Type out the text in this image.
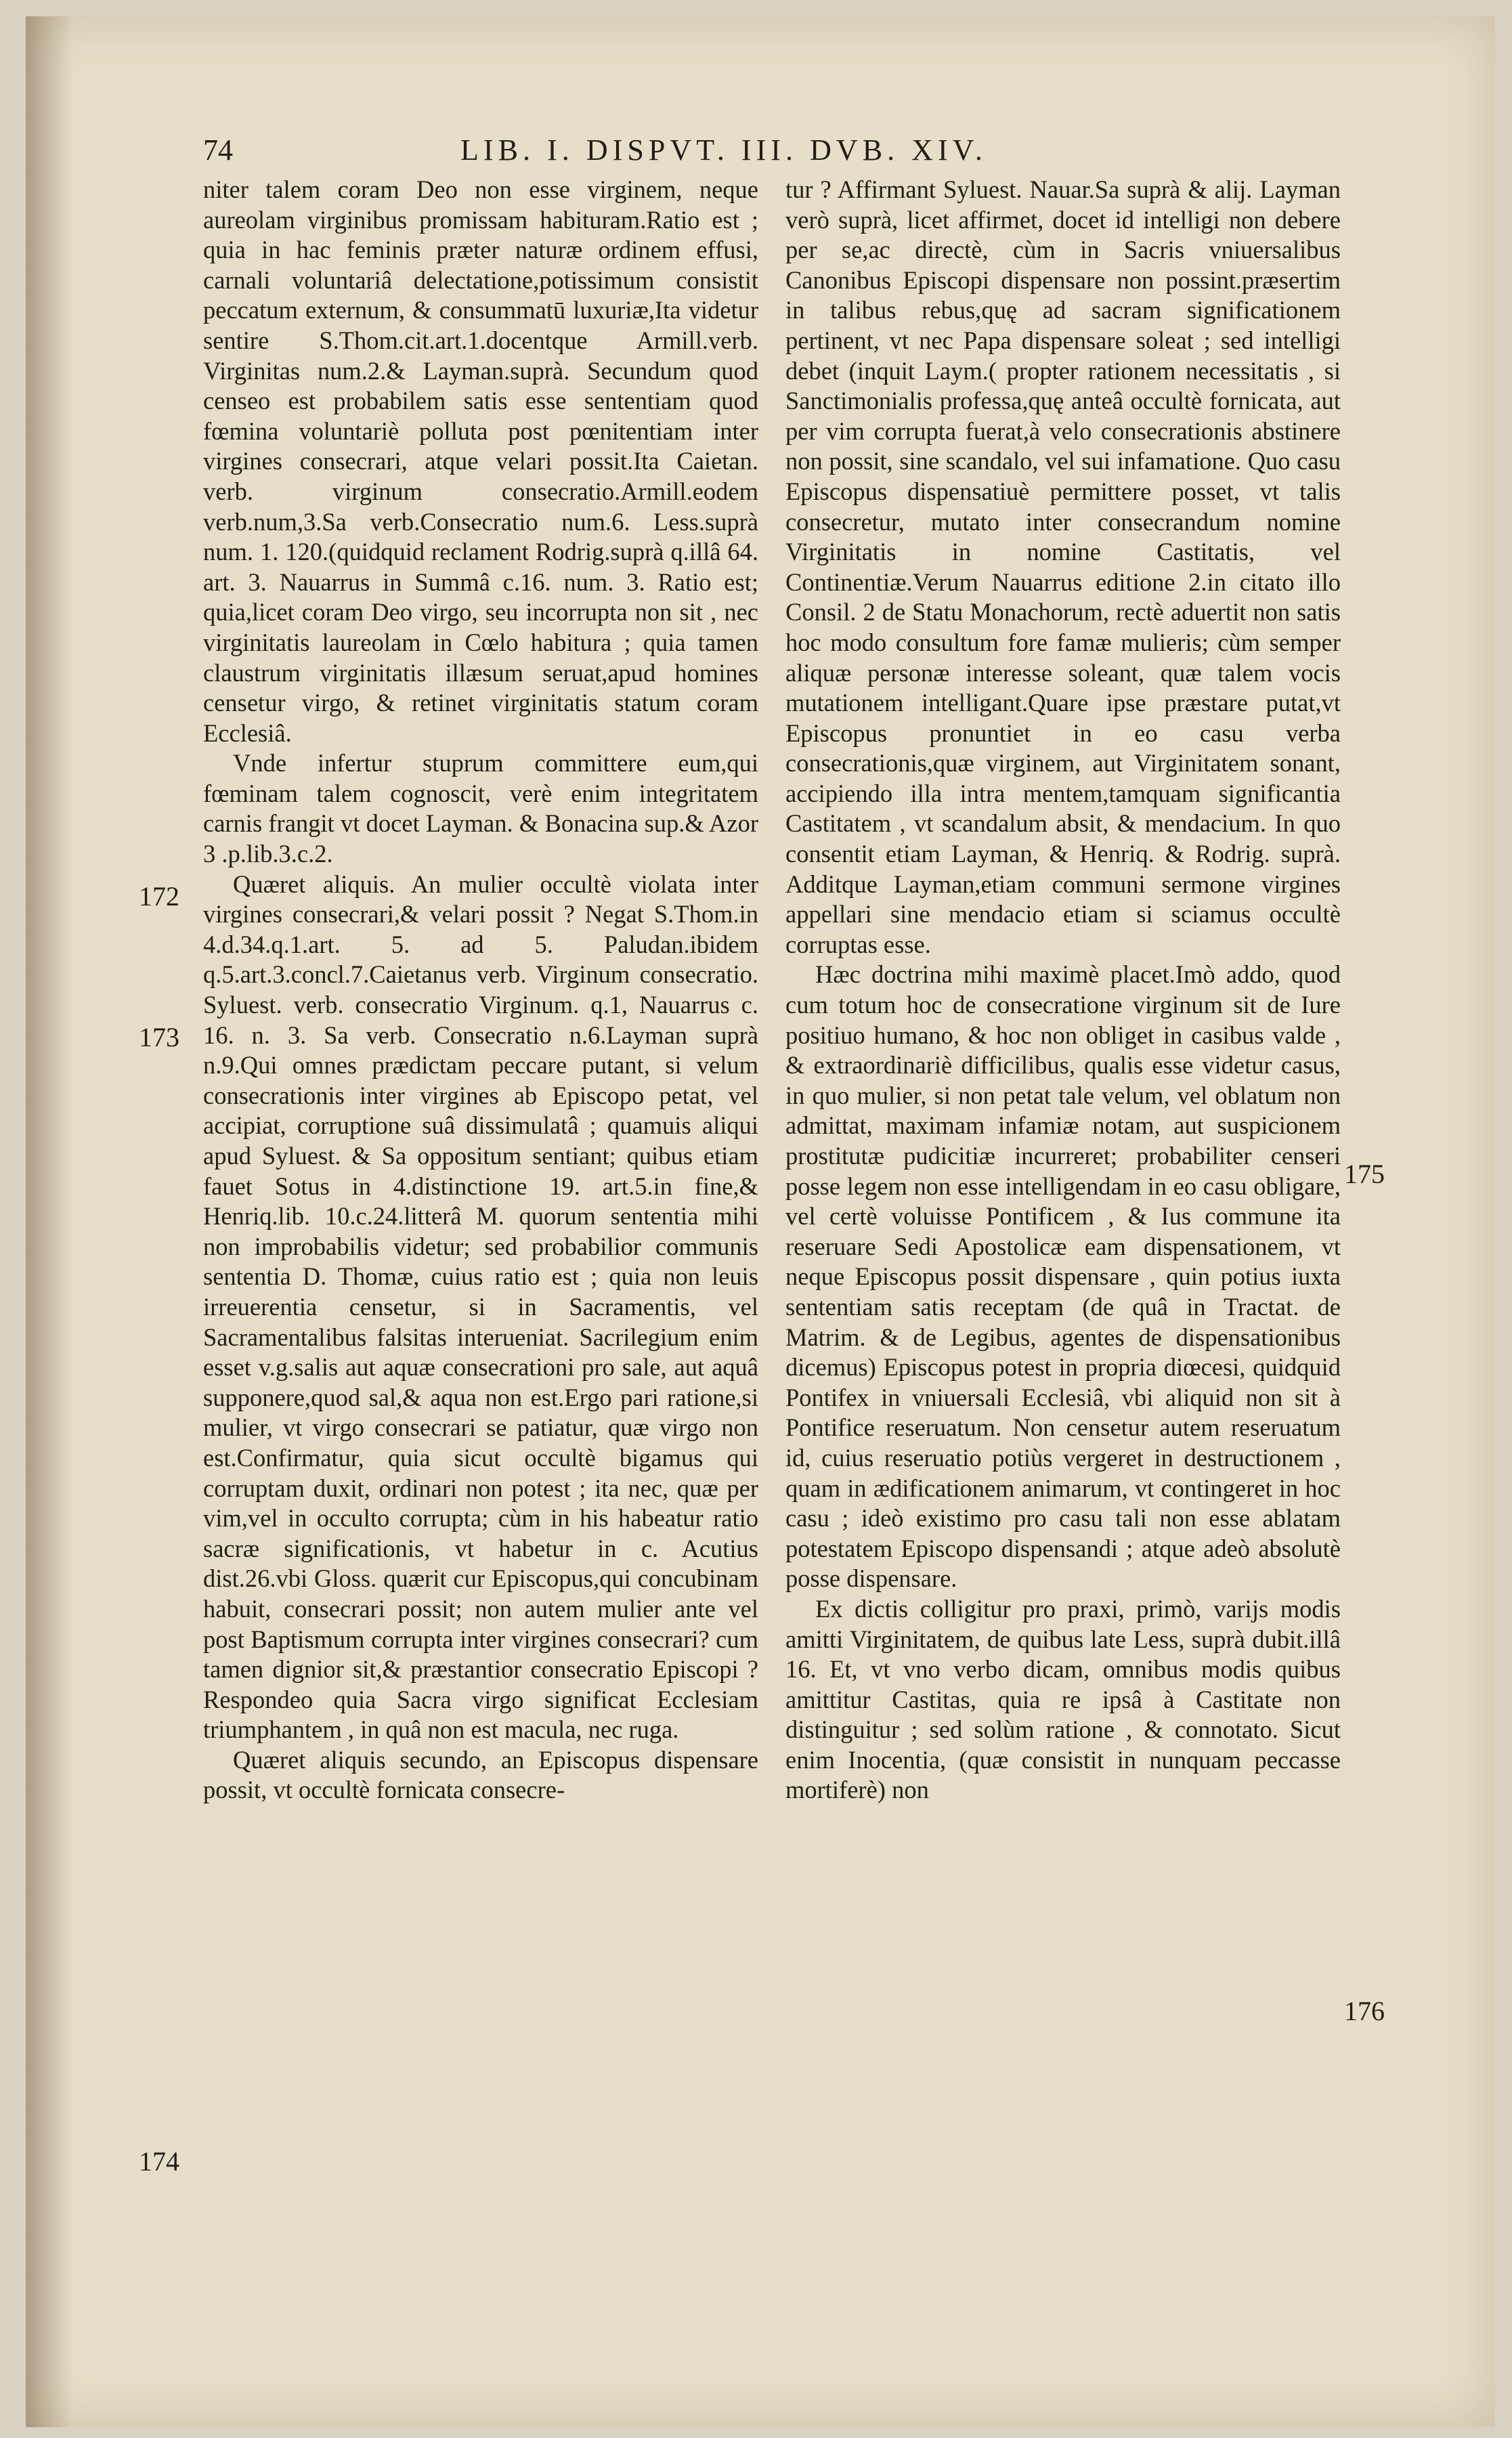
74	LIB. I. DISPVT. III. DVB. XIV.

niter talem coram Deo non esse virginem, neque aureolam virginibus promissam habituram.Ratio est ; quia in hac feminis præter naturæ ordinem effusi, carnali voluntariâ delectatione,potissimum consistit peccatum externum, & consummatū luxuriæ,Ita videtur sentire S.Thom.cit.art.1.docentque Armill.verb. Virginitas num.2.& Layman.suprà. Secundum quod censeo est probabilem satis esse sententiam quod fœmina voluntariè polluta post pœnitentiam inter virgines consecrari, atque velari possit.Ita Caietan. verb. virginum consecratio.Armill.eodem verb.num,3.Sa verb.Consecratio num.6. Less.suprà num. 1. 120.(quidquid reclament Rodrig.suprà q.illâ 64. art. 3. Nauarrus in Summâ c.16. num. 3. Ratio est; quia,licet coram Deo virgo, seu incorrupta non sit , nec virginitatis laureolam in Cœlo habitura ; quia tamen claustrum virginitatis illæsum seruat,apud homines censetur virgo, & retinet virginitatis statum coram Ecclesiâ.

Vnde infertur stuprum committere eum,qui fœminam talem cognoscit, verè enim integritatem carnis frangit vt docet Layman. & Bonacina sup.& Azor 3 .p.lib.3.c.2.

Quæret aliquis. An mulier occultè violata inter virgines consecrari,& velari possit ? Negat S.Thom.in 4.d.34.q.1.art. 5. ad 5. Paludan.ibidem q.5.art.3.concl.7.Caietanus verb. Virginum consecratio. Syluest. verb. consecratio Virginum. q.1, Nauarrus c. 16. n. 3. Sa verb. Consecratio n.6.Layman suprà n.9.Qui omnes prædictam peccare putant, si velum consecrationis inter virgines ab Episcopo petat, vel accipiat, corruptione suâ dissimulatâ ; quamuis aliqui apud Syluest. & Sa oppositum sentiant; quibus etiam fauet Sotus in 4.distinctione 19. art.5.in fine,& Henriq.lib. 10.c.24.litterâ M. quorum sententia mihi non improbabilis videtur; sed probabilior communis sententia D. Thomæ, cuius ratio est ; quia non leuis irreuerentia censetur, si in Sacramentis, vel Sacramentalibus falsitas interueniat. Sacrilegium enim esset v.g.salis aut aquæ consecrationi pro sale, aut aquâ supponere,quod sal,& aqua non est.Ergo pari ratione,si mulier, vt virgo consecrari se patiatur, quæ virgo non est.Confirmatur, quia sicut occultè bigamus qui corruptam duxit, ordinari non potest ; ita nec, quæ per vim,vel in occulto corrupta; cùm in his habeatur ratio sacræ significationis, vt habetur in c. Acutius dist.26.vbi Gloss. quærit cur Episcopus,qui concubinam habuit, consecrari possit; non autem mulier ante vel post Baptismum corrupta inter virgines consecrari? cum tamen dignior sit,& præstantior consecratio Episcopi ? Respondeo quia Sacra virgo significat Ecclesiam triumphantem , in quâ non est macula, nec ruga.

Quæret aliquis secundo, an Episcopus dispensare possit, vt occultè fornicata consecre-

tur ? Affirmant Syluest. Nauar.Sa suprà & alij. Layman verò suprà, licet affirmet, docet id intelligi non debere per se,ac directè, cùm in Sacris vniuersalibus Canonibus Episcopi dispensare non possint.præsertim in talibus rebus,quę ad sacram significationem pertinent, vt nec Papa dispensare soleat ; sed intelligi debet (inquit Laym.( propter rationem necessitatis , si Sanctimonialis professa,quę anteâ occultè fornicata, aut per vim corrupta fuerat,à velo consecrationis abstinere non possit, sine scandalo, vel sui infamatione. Quo casu Episcopus dispensatiuè permittere posset, vt talis consecretur, mutato inter consecrandum nomine Virginitatis in nomine Castitatis, vel Continentiæ.Verum Nauarrus editione 2.in citato illo Consil. 2 de Statu Monachorum, rectè aduertit non satis hoc modo consultum fore famæ mulieris; cùm semper aliquæ personæ interesse soleant, quæ talem vocis mutationem intelligant.Quare ipse præstare putat,vt Episcopus pronuntiet in eo casu verba consecrationis,quæ virginem, aut Virginitatem sonant, accipiendo illa intra mentem,tamquam significantia Castitatem , vt scandalum absit, & mendacium. In quo consentit etiam Layman, & Henriq. & Rodrig. suprà. Additque Layman,etiam communi sermone virgines appellari sine mendacio etiam si sciamus occultè corruptas esse.

Hæc doctrina mihi maximè placet.Imò addo, quod cum totum hoc de consecratione virginum sit de Iure positiuo humano, & hoc non obliget in casibus valde , & extraordinariè difficilibus, qualis esse videtur casus, in quo mulier, si non petat tale velum, vel oblatum non admittat, maximam infamiæ notam, aut suspicionem prostitutæ pudicitiæ incurreret; probabiliter censeri posse legem non esse intelligendam in eo casu obligare, vel certè voluisse Pontificem , & Ius commune ita reseruare Sedi Apostolicæ eam dispensationem, vt neque Episcopus possit dispensare , quin potius iuxta sententiam satis receptam (de quâ in Tractat. de Matrim. & de Legibus, agentes de dispensationibus dicemus) Episcopus potest in propria diœcesi, quidquid Pontifex in vniuersali Ecclesiâ, vbi aliquid non sit à Pontifice reseruatum. Non censetur autem reseruatum id, cuius reseruatio potiùs vergeret in destructionem , quam in ædificationem animarum, vt contingeret in hoc casu ; ideò existimo pro casu tali non esse ablatam potestatem Episcopo dispensandi ; atque adeò absolutè posse dispensare.

Ex dictis colligitur pro praxi, primò, varijs modis amitti Virginitatem, de quibus late Less, suprà dubit.illâ 16. Et, vt vno verbo dicam, omnibus modis quibus amittitur Castitas, quia re ipsâ à Castitate non distinguitur ; sed solùm ratione , & connotato. Sicut enim Inocentia, (quæ consistit in nunquam peccasse mortiferè) non

172
173
174
175
176
